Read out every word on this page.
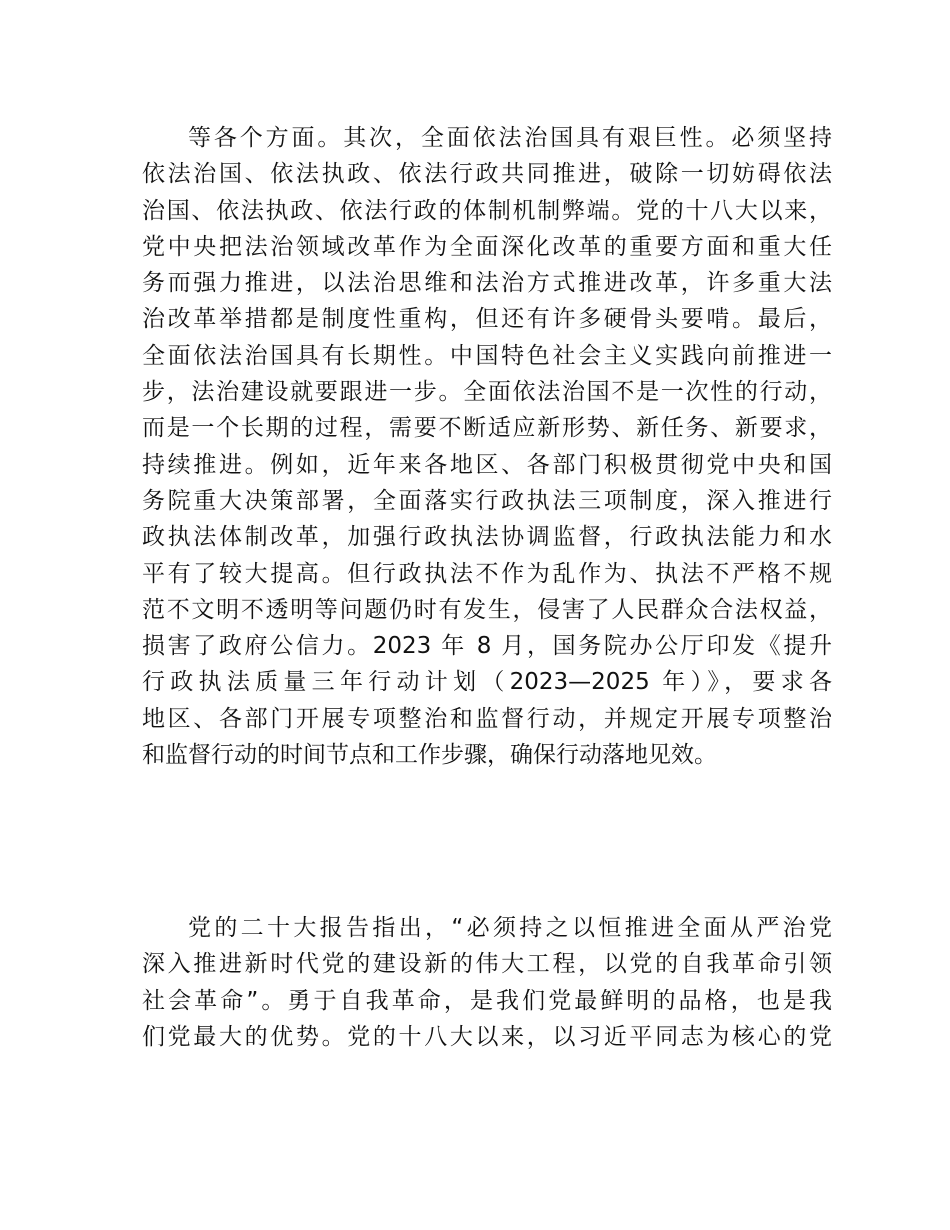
等各个方面。其次，全面依法治国具有艰巨性。必须坚持
依法治国、依法执政、依法行政共同推进，破除一切妨碍依法
治国、依法执政、依法行政的体制机制弊端。党的十八大以来，
党中央把法治领域改革作为全面深化改革的重要方面和重大任
务而强力推进，以法治思维和法治方式推进改革，许多重大法
治改革举措都是制度性重构，但还有许多硬骨头要啃。最后，
全面依法治国具有长期性。中国特色社会主义实践向前推进一
步，法治建设就要跟进一步。全面依法治国不是一次性的行动，
而是一个长期的过程，需要不断适应新形势、新任务、新要求，
持续推进。例如，近年来各地区、各部门积极贯彻党中央和国
务院重大决策部署，全面落实行政执法三项制度，深入推进行
政执法体制改革，加强行政执法协调监督，行政执法能力和水
平有了较大提高。但行政执法不作为乱作为、执法不严格不规
范不文明不透明等问题仍时有发生，侵害了人民群众合法权益，
损害了政府公信力。2023 年 8 月，国务院办公厅印发《提升
行政执法质量三年行动计划（2023—2025 年）》，要求各
地区、各部门开展专项整治和监督行动，并规定开展专项整治
和监督行动的时间节点和工作步骤，确保行动落地见效。
党的二十大报告指出，“必须持之以恒推进全面从严治党
深入推进新时代党的建设新的伟大工程，以党的自我革命引领
社会革命”。勇于自我革命，是我们党最鲜明的品格，也是我
们党最大的优势。党的十八大以来，以习近平同志为核心的党
